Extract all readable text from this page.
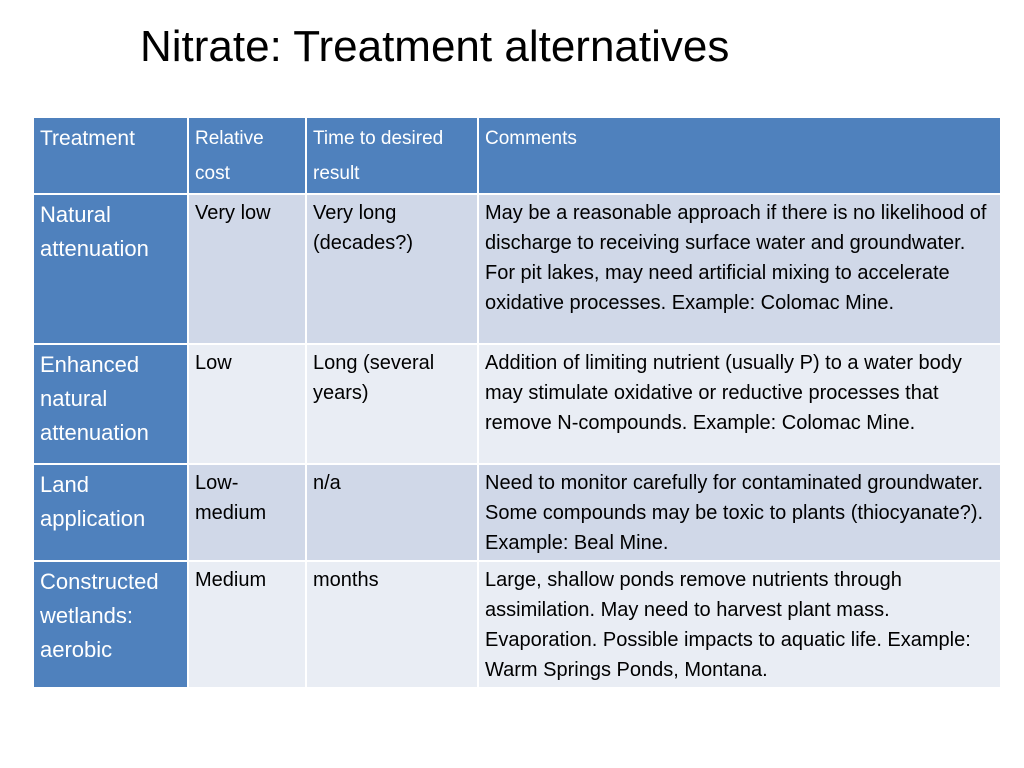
Nitrate: Treatment alternatives
Treatment	Relative cost	Time to desired result	Comments
Natural attenuation	Very low	Very long (decades?)	May be a reasonable approach if there is no likelihood of discharge to receiving surface water and groundwater. For pit lakes, may need artificial mixing to accelerate oxidative processes. Example: Colomac Mine.
Enhanced natural attenuation	Low	Long (several years)	Addition of limiting nutrient (usually P) to a water body may stimulate oxidative or reductive processes that remove N-compounds. Example: Colomac Mine.
Land application	Low-medium	n/a	Need to monitor carefully for contaminated groundwater. Some compounds may be toxic to plants (thiocyanate?). Example: Beal Mine.
Constructed wetlands: aerobic	Medium	months	Large, shallow ponds remove nutrients through assimilation. May need to harvest plant mass. Evaporation. Possible impacts to aquatic life. Example: Warm Springs Ponds, Montana.
